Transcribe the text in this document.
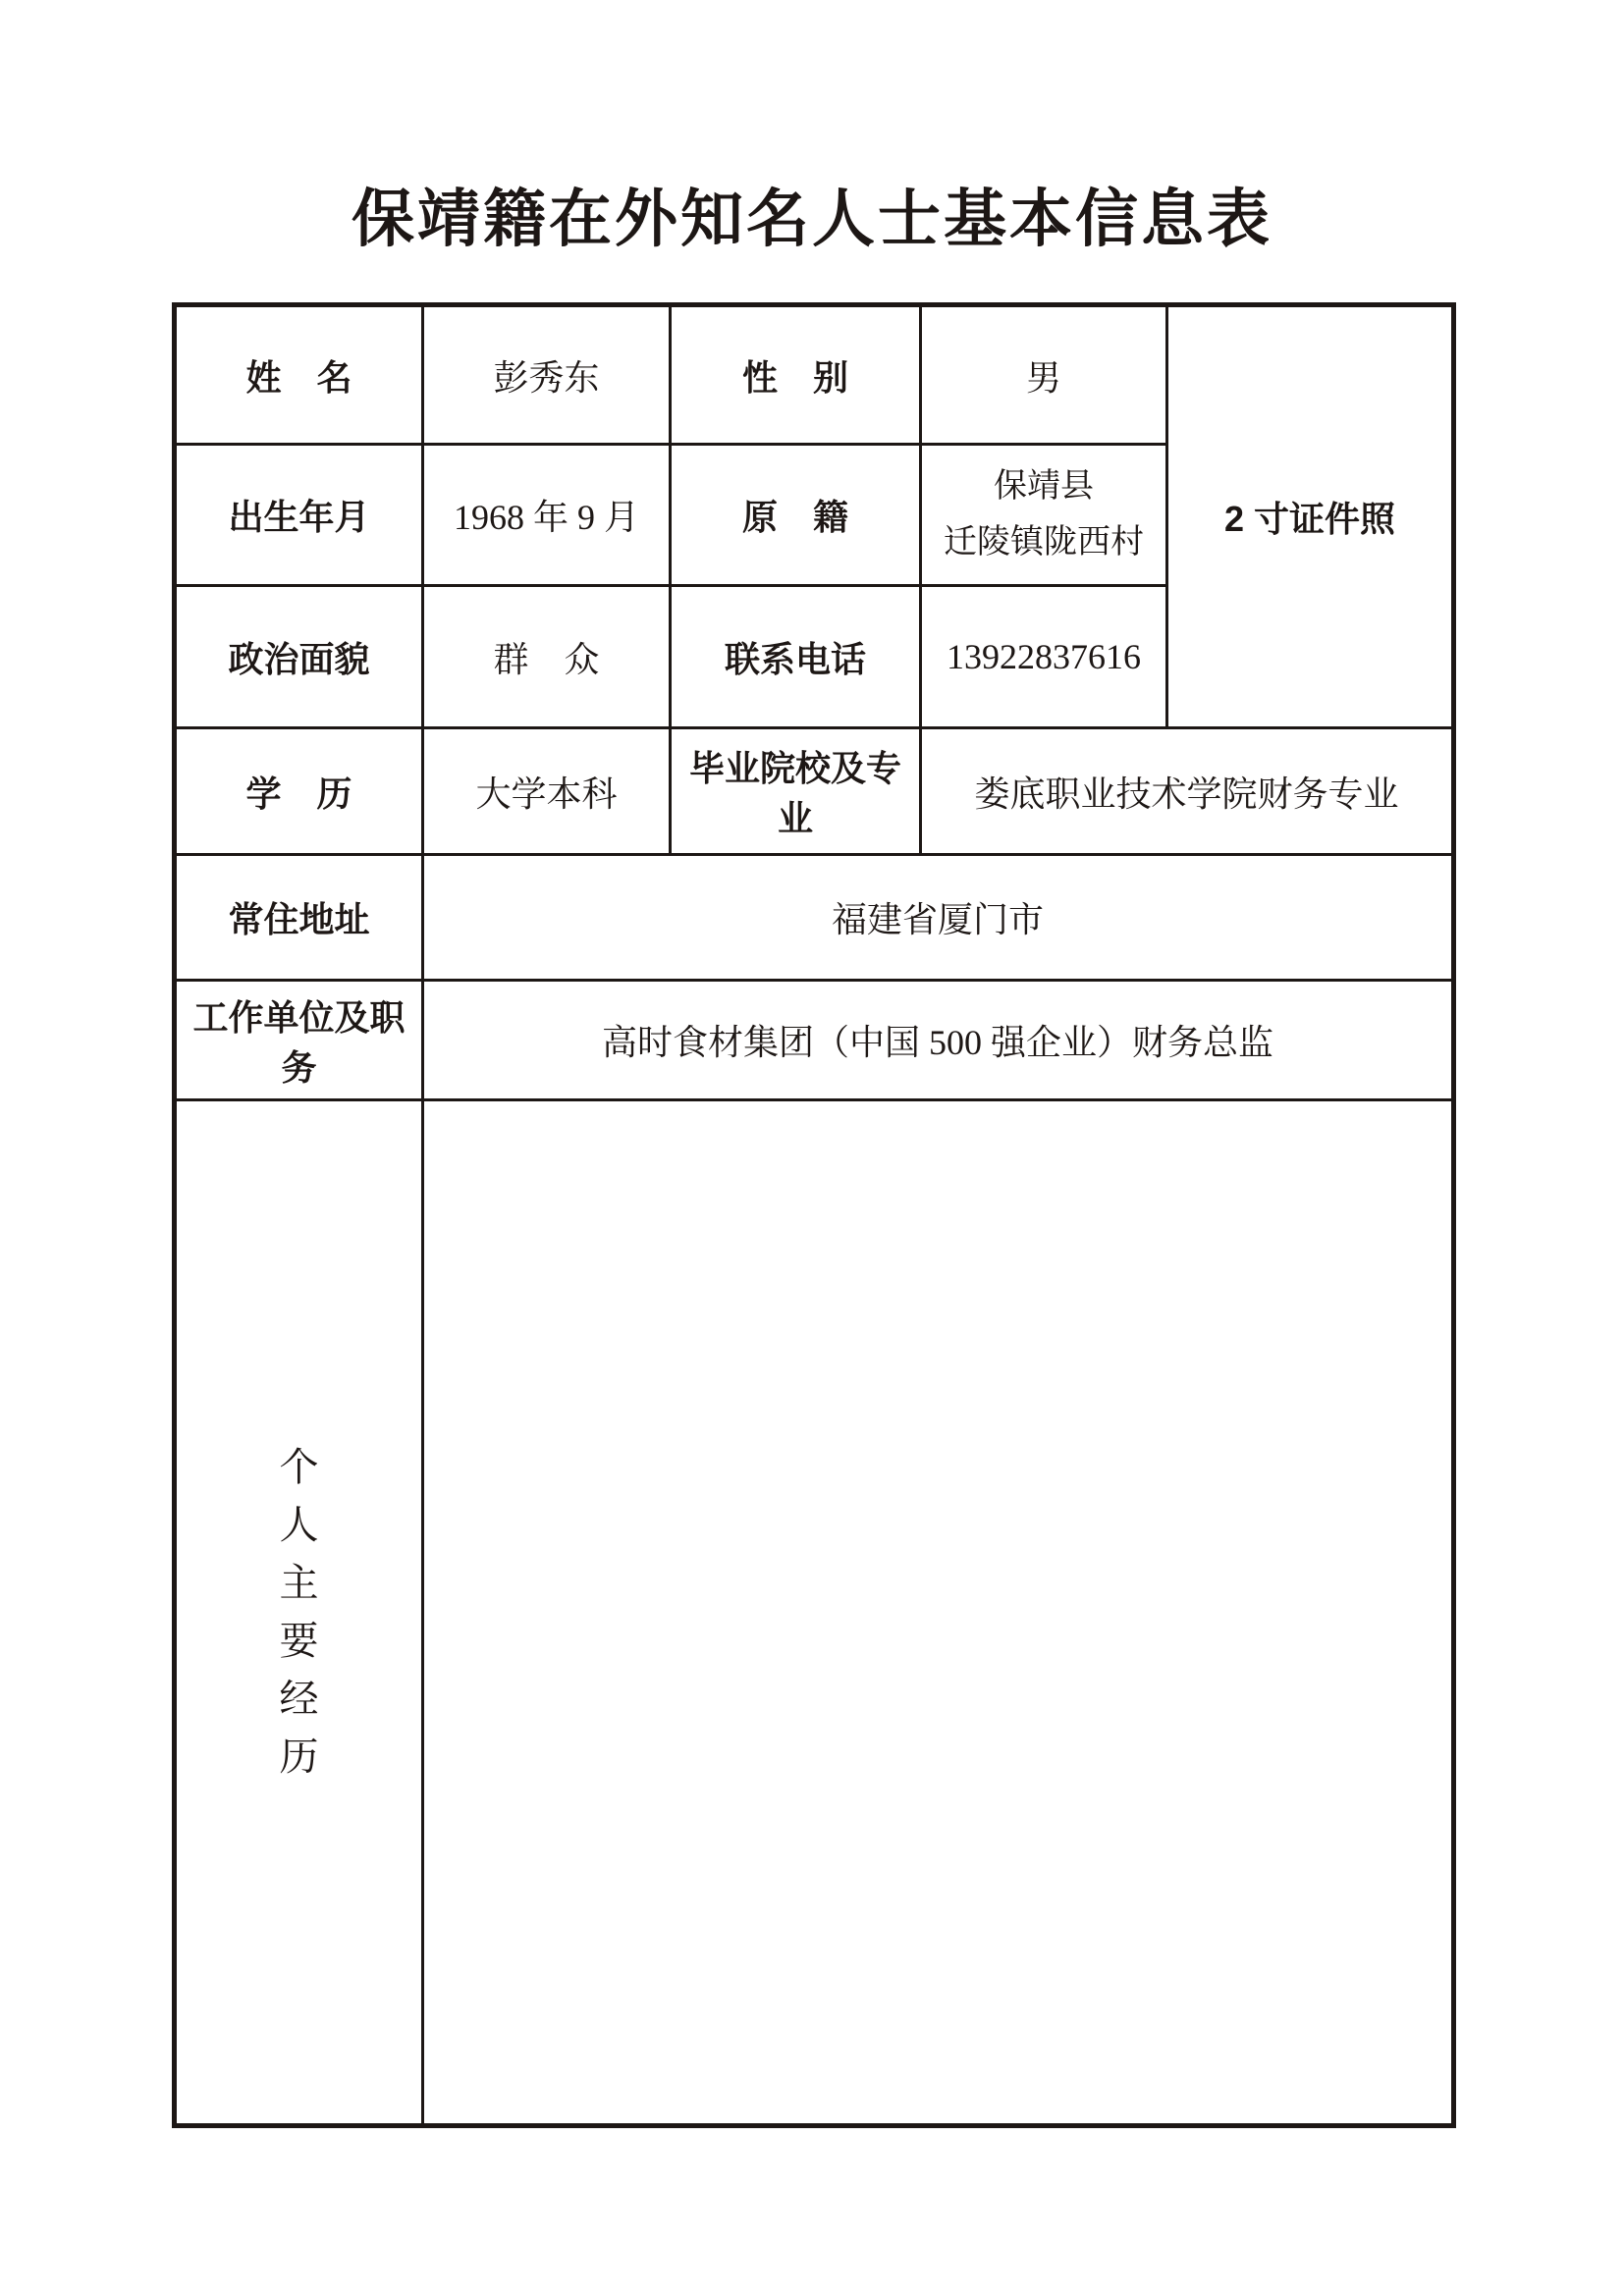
保靖籍在外知名人士基本信息表
姓　名	彭秀东	性　别	男	2 寸证件照
出生年月	1968 年 9 月	原　籍	保靖县
迁陵镇陇西村	

政治面貌	群　众	联系电话	13922837616	
学　历	大学本科	毕业院校及专业	娄底职业技术学院财务专业	
常住地址	福建省厦门市			
工作单位及职务	高时食材集团（中国 500 强企业）财务总监			

个
人
主
要
经
历
